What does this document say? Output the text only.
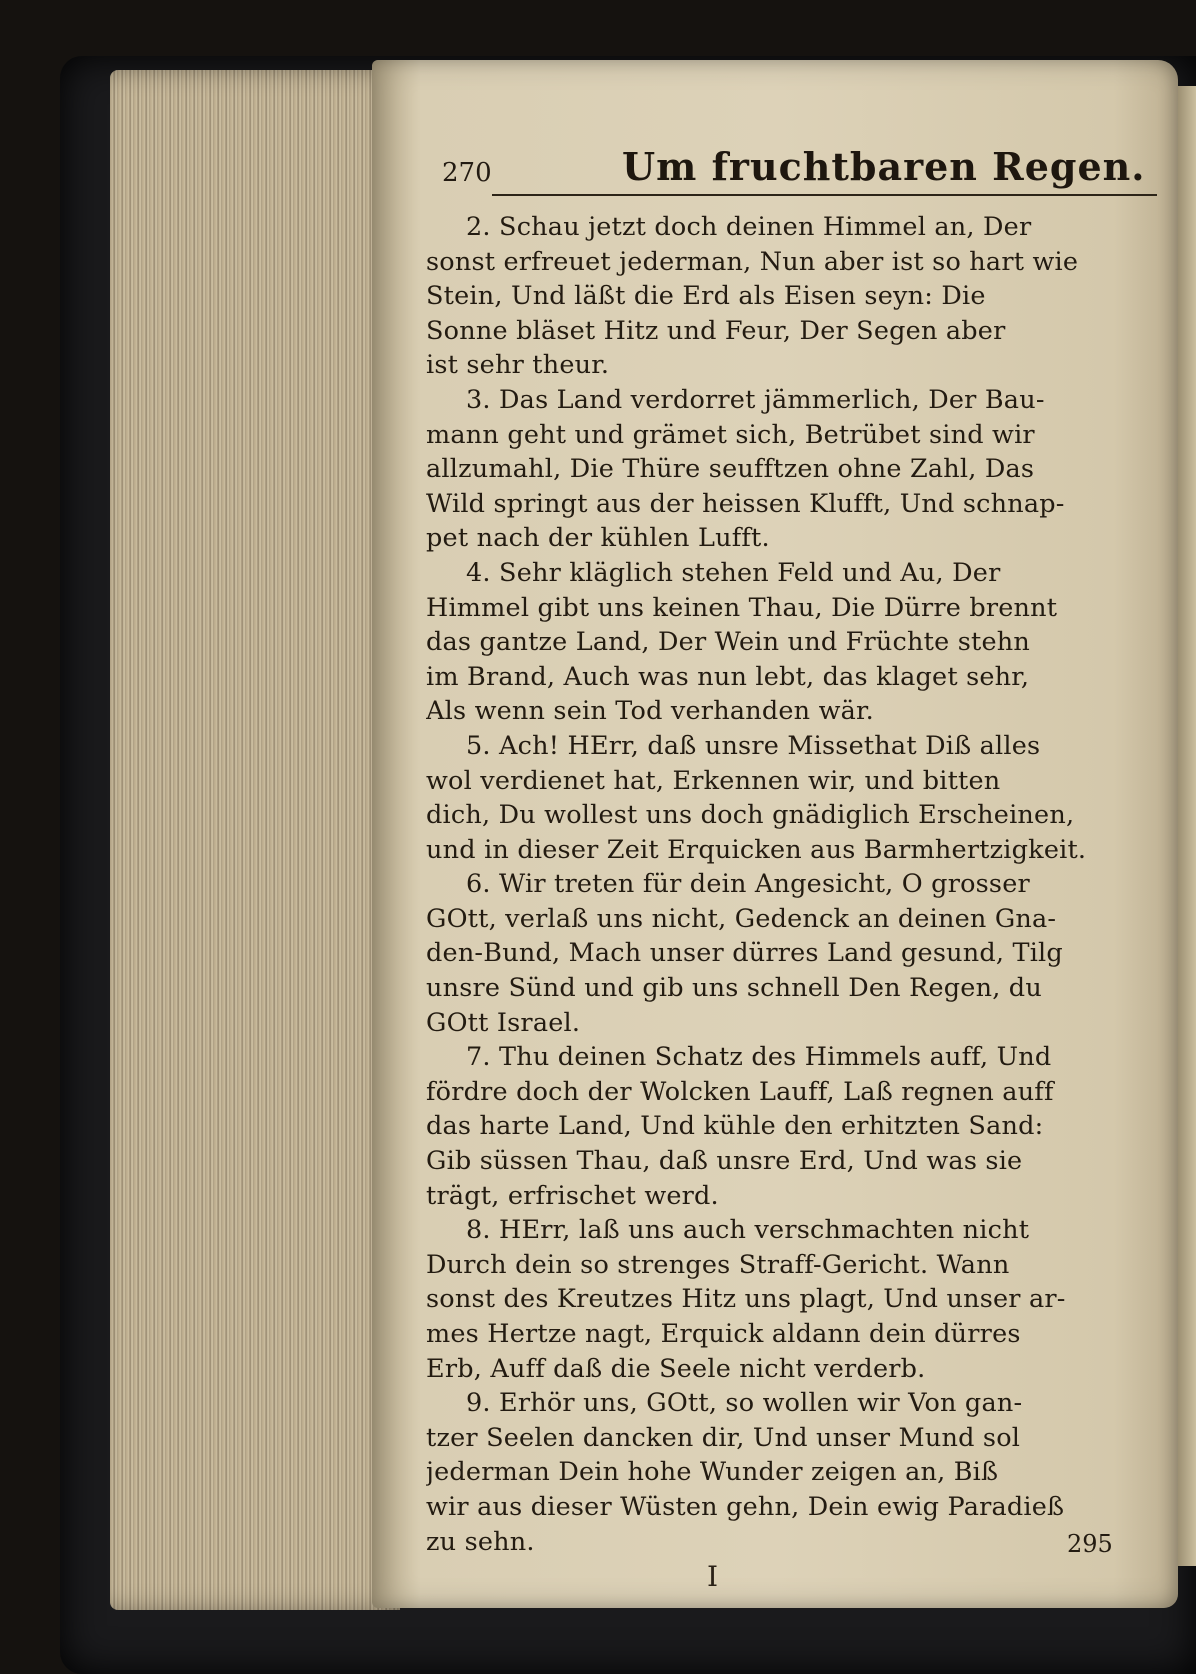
270	Um fruchtbaren Regen.
2. Schau jetzt doch deinen Himmel an, Der
sonst erfreuet jederman, Nun aber ist so hart wie
Stein, Und läßt die Erd als Eisen seyn: Die
Sonne bläset Hitz und Feur, Der Segen aber
ist sehr theur.
3. Das Land verdorret jämmerlich, Der Bau-
mann geht und grämet sich, Betrübet sind wir
allzumahl, Die Thüre seufftzen ohne Zahl, Das
Wild springt aus der heissen Klufft, Und schnap-
pet nach der kühlen Lufft.
4. Sehr kläglich stehen Feld und Au, Der
Himmel gibt uns keinen Thau, Die Dürre brennt
das gantze Land, Der Wein und Früchte stehn
im Brand, Auch was nun lebt, das klaget sehr,
Als wenn sein Tod verhanden wär.
5. Ach! HErr, daß unsre Missethat Diß alles
wol verdienet hat, Erkennen wir, und bitten
dich, Du wollest uns doch gnädiglich Erscheinen,
und in dieser Zeit Erquicken aus Barmhertzigkeit.
6. Wir treten für dein Angesicht, O grosser
GOtt, verlaß uns nicht, Gedenck an deinen Gna-
den-Bund, Mach unser dürres Land gesund, Tilg
unsre Sünd und gib uns schnell Den Regen, du
GOtt Israel.
7. Thu deinen Schatz des Himmels auff, Und
fördre doch der Wolcken Lauff, Laß regnen auff
das harte Land, Und kühle den erhitzten Sand:
Gib süssen Thau, daß unsre Erd, Und was sie
trägt, erfrischet werd.
8. HErr, laß uns auch verschmachten nicht
Durch dein so strenges Straff-Gericht. Wann
sonst des Kreutzes Hitz uns plagt, Und unser ar-
mes Hertze nagt, Erquick aldann dein dürres
Erb, Auff daß die Seele nicht verderb.
9. Erhör uns, GOtt, so wollen wir Von gan-
tzer Seelen dancken dir, Und unser Mund sol
jederman Dein hohe Wunder zeigen an, Biß
wir aus dieser Wüsten gehn, Dein ewig Paradieß
zu sehn.	295
I
